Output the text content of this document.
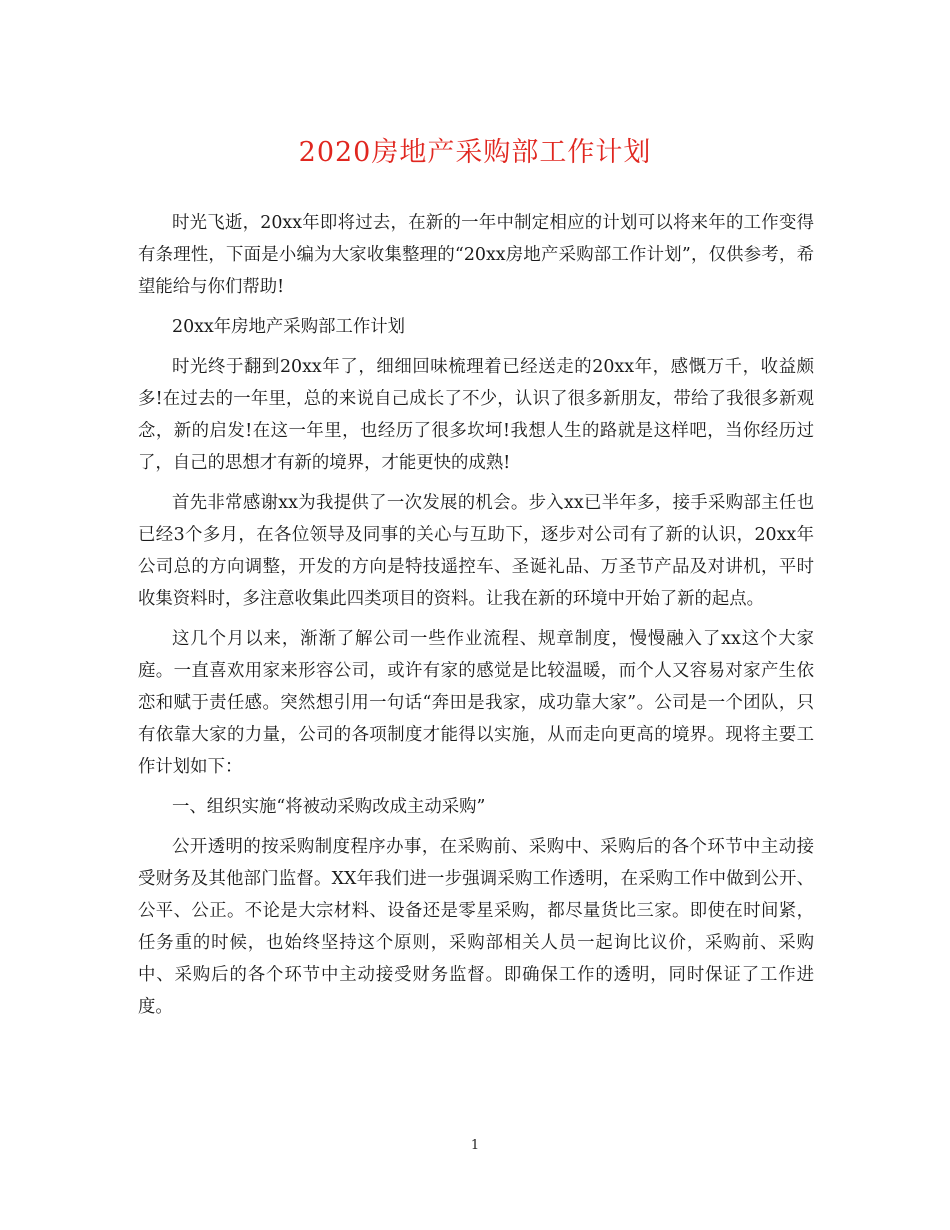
2020房地产采购部工作计划

时光飞逝，20xx年即将过去，在新的一年中制定相应的计划可以将来年的工作变得有条理性，下面是小编为大家收集整理的“20xx房地产采购部工作计划”，仅供参考，希望能给与你们帮助!

20xx年房地产采购部工作计划

时光终于翻到20xx年了，细细回味梳理着已经送走的20xx年，感慨万千，收益颇多!在过去的一年里，总的来说自己成长了不少，认识了很多新朋友，带给了我很多新观念，新的启发!在这一年里，也经历了很多坎坷!我想人生的路就是这样吧，当你经历过了，自己的思想才有新的境界，才能更快的成熟!

首先非常感谢xx为我提供了一次发展的机会。步入xx已半年多，接手采购部主任也已经3个多月，在各位领导及同事的关心与互助下，逐步对公司有了新的认识，20xx年公司总的方向调整，开发的方向是特技遥控车、圣诞礼品、万圣节产品及对讲机，平时收集资料时，多注意收集此四类项目的资料。让我在新的环境中开始了新的起点。

这几个月以来，渐渐了解公司一些作业流程、规章制度，慢慢融入了xx这个大家庭。一直喜欢用家来形容公司，或许有家的感觉是比较温暖，而个人又容易对家产生依恋和赋于责任感。突然想引用一句话“奔田是我家，成功靠大家”。公司是一个团队，只有依靠大家的力量，公司的各项制度才能得以实施，从而走向更高的境界。现将主要工作计划如下：

一、组织实施“将被动采购改成主动采购”

公开透明的按采购制度程序办事，在采购前、采购中、采购后的各个环节中主动接受财务及其他部门监督。XX年我们进一步强调采购工作透明，在采购工作中做到公开、公平、公正。不论是大宗材料、设备还是零星采购，都尽量货比三家。即使在时间紧，任务重的时候，也始终坚持这个原则，采购部相关人员一起询比议价，采购前、采购中、采购后的各个环节中主动接受财务监督。即确保工作的透明，同时保证了工作进度。

1
